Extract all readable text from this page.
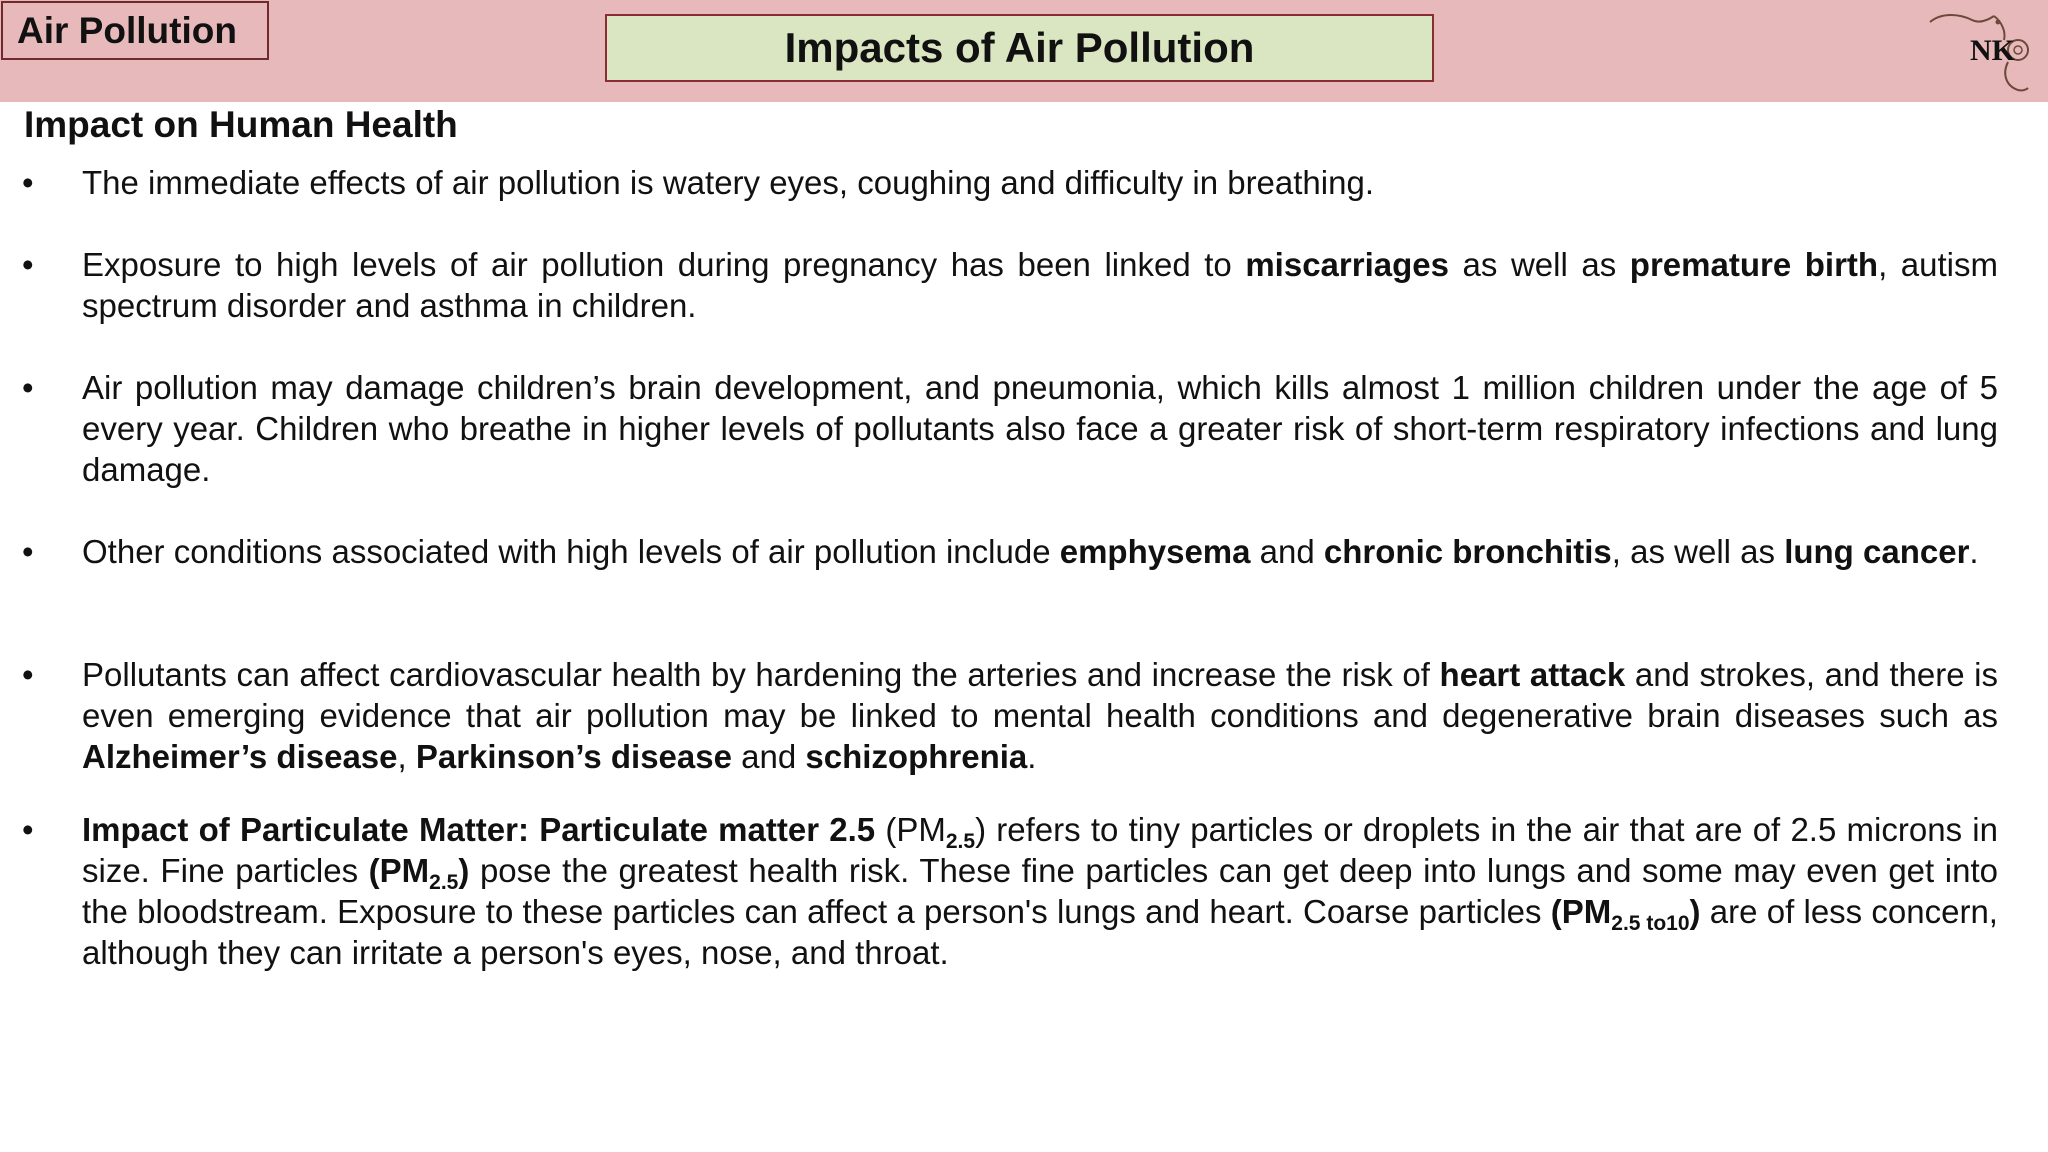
Air Pollution	Impacts of Air Pollution	NK
Impact on Human Health
• The immediate effects of air pollution is watery eyes, coughing and difficulty in breathing.
• Exposure to high levels of air pollution during pregnancy has been linked to miscarriages as well as premature birth, autism spectrum disorder and asthma in children.
• Air pollution may damage children’s brain development, and pneumonia, which kills almost 1 million children under the age of 5 every year. Children who breathe in higher levels of pollutants also face a greater risk of short-term respiratory infections and lung damage.
• Other conditions associated with high levels of air pollution include emphysema and chronic bronchitis, as well as lung cancer.
• Pollutants can affect cardiovascular health by hardening the arteries and increase the risk of heart attack and strokes, and there is even emerging evidence that air pollution may be linked to mental health conditions and degenerative brain diseases such as Alzheimer’s disease, Parkinson’s disease and schizophrenia.
• Impact of Particulate Matter: Particulate matter 2.5 $(PM_{2.5})$ refers to tiny particles or droplets in the air that are of 2.5 microns in size. Fine particles $(PM_{2.5})$ pose the greatest health risk. These fine particles can get deep into lungs and some may even get into the bloodstream. Exposure to these particles can affect a person's lungs and heart. Coarse particles $(PM_{2.5 to10})$ are of less concern, although they can irritate a person's eyes, nose, and throat.
